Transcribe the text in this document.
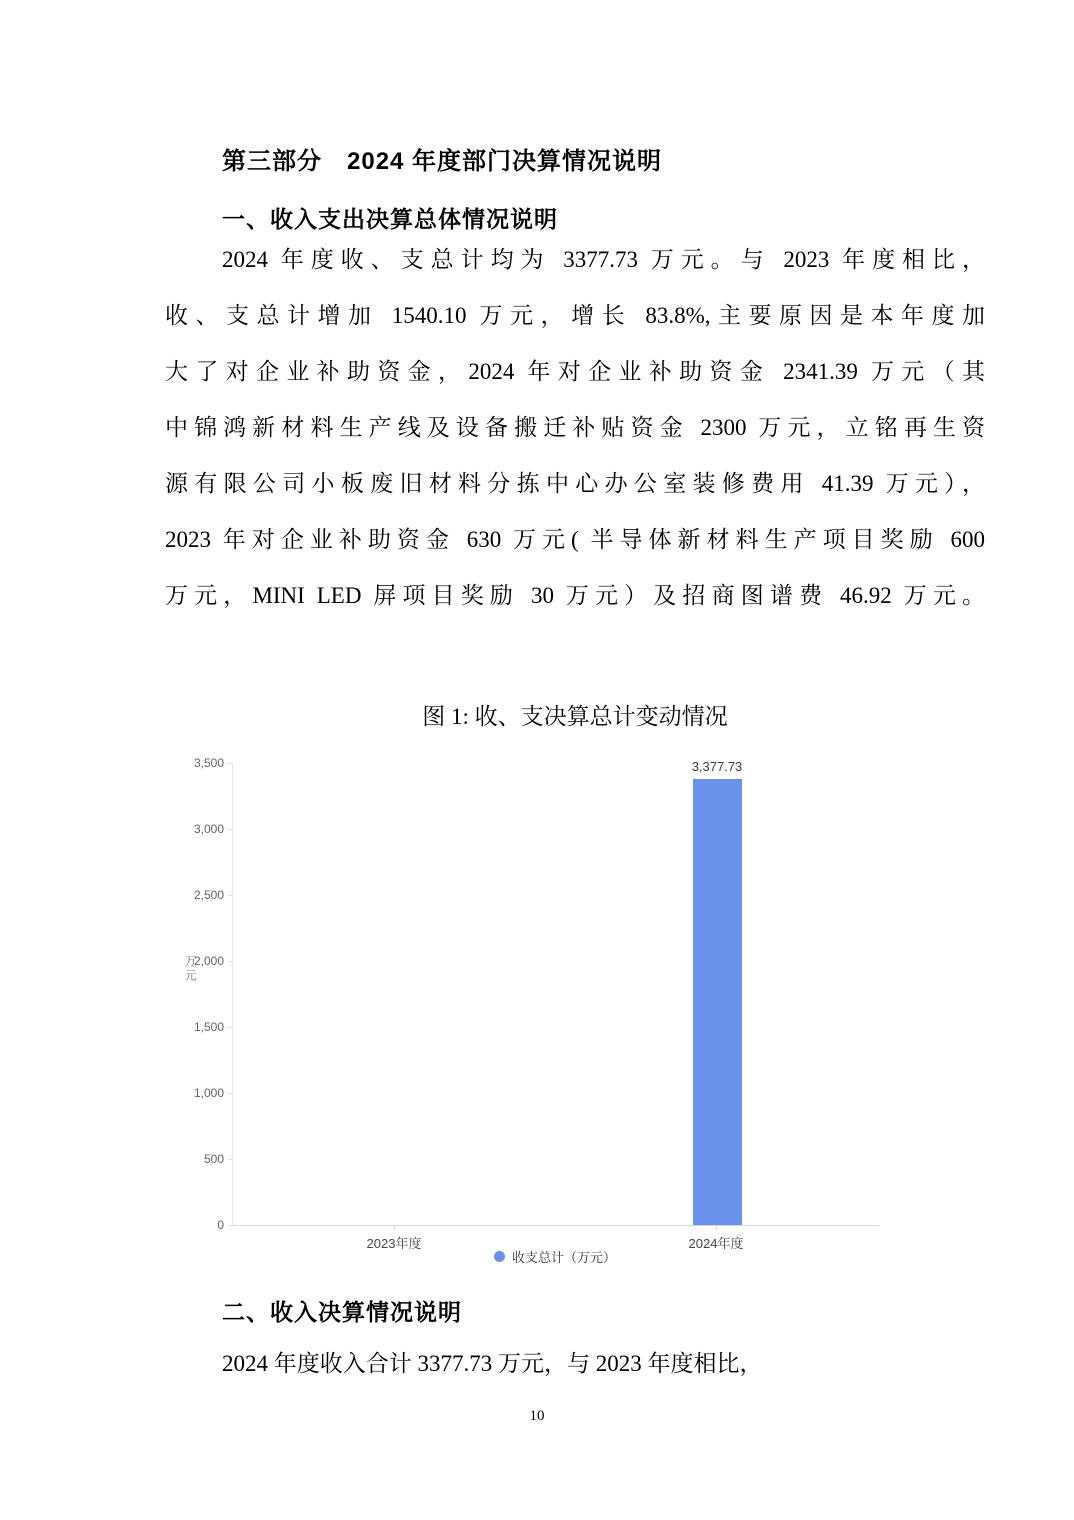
第三部分　2024 年度部门决算情况说明
一、收入支出决算总体情况说明
2024 年度收、支总计均为 3377.73 万元。与 2023 年度相比，
收、支总计增加 1540.10 万元，增长 83.8%,主要原因是本年度加
大了对企业补助资金，2024 年对企业补助资金 2341.39 万元（其
中锦鸿新材料生产线及设备搬迁补贴资金 2300 万元，立铭再生资
源有限公司小板废旧材料分拣中心办公室装修费用 41.39 万元），
2023 年对企业补助资金 630 万元( 半导体新材料生产项目奖励 600
万元，MINI LED 屏项目奖励 30 万元）及招商图谱费 46.92 万元。
图 1: 收、支决算总计变动情况
万元
3,500
3,000
2,500
2,000
1,500
1,000
500
0
3,377.73
2023年度	2024年度
收支总计（万元）
二、收入决算情况说明
2024 年度收入合计 3377.73 万元，与 2023 年度相比，
10
